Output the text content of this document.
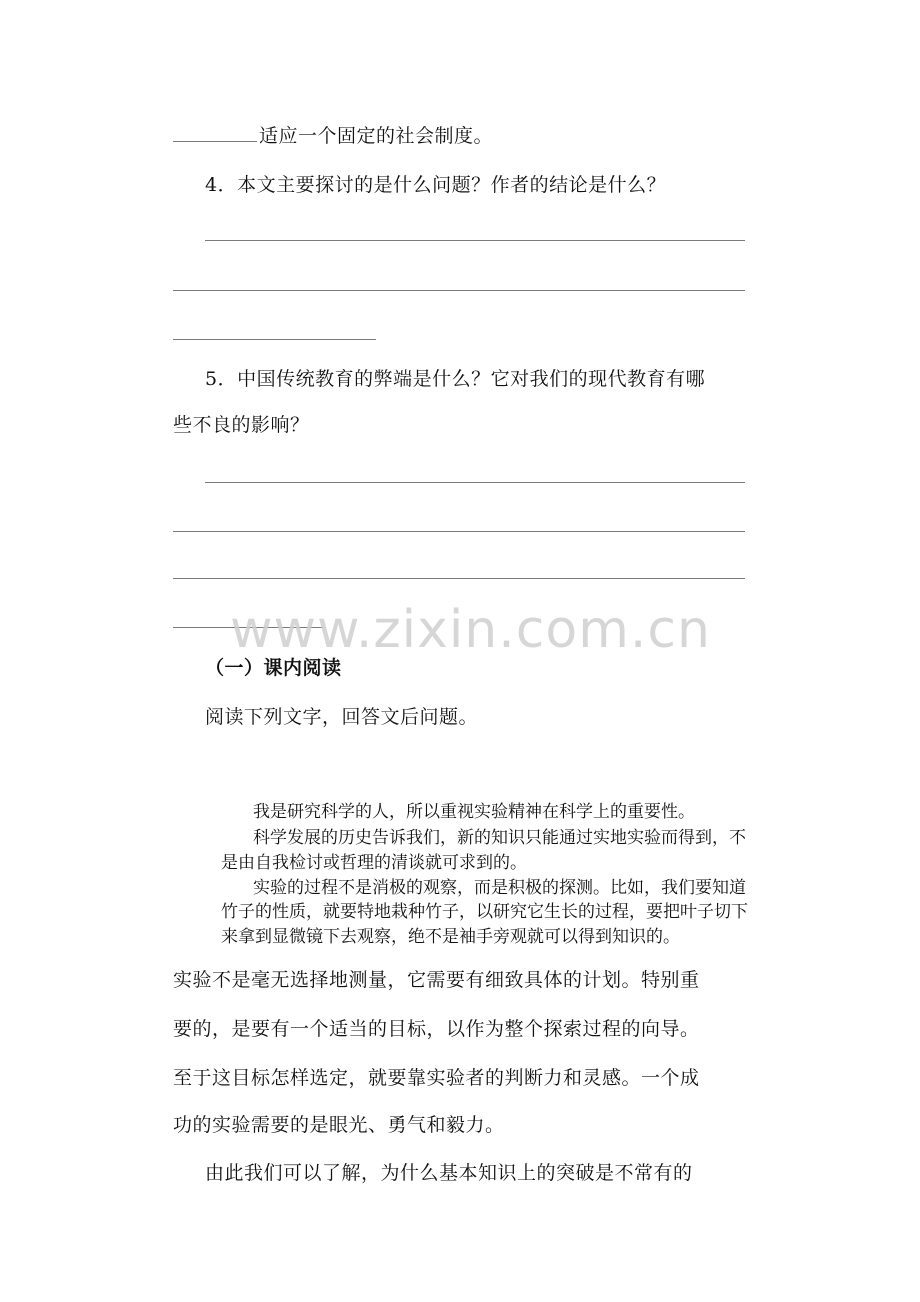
适应一个固定的社会制度。
4．本文主要探讨的是什么问题？作者的结论是什么？
5．中国传统教育的弊端是什么？它对我们的现代教育有哪
些不良的影响？
www.zixin.com.cn
（一）课内阅读
阅读下列文字，回答文后问题。
我是研究科学的人，所以重视实验精神在科学上的重要性。
科学发展的历史告诉我们，新的知识只能通过实地实验而得到，不
是由自我检讨或哲理的清谈就可求到的。
实验的过程不是消极的观察，而是积极的探测。比如，我们要知道
竹子的性质，就要特地栽种竹子，以研究它生长的过程，要把叶子切下
来拿到显微镜下去观察，绝不是袖手旁观就可以得到知识的。
实验不是毫无选择地测量，它需要有细致具体的计划。特别重
要的，是要有一个适当的目标，以作为整个探索过程的向导。
至于这目标怎样选定，就要靠实验者的判断力和灵感。一个成
功的实验需要的是眼光、勇气和毅力。
由此我们可以了解，为什么基本知识上的突破是不常有的
